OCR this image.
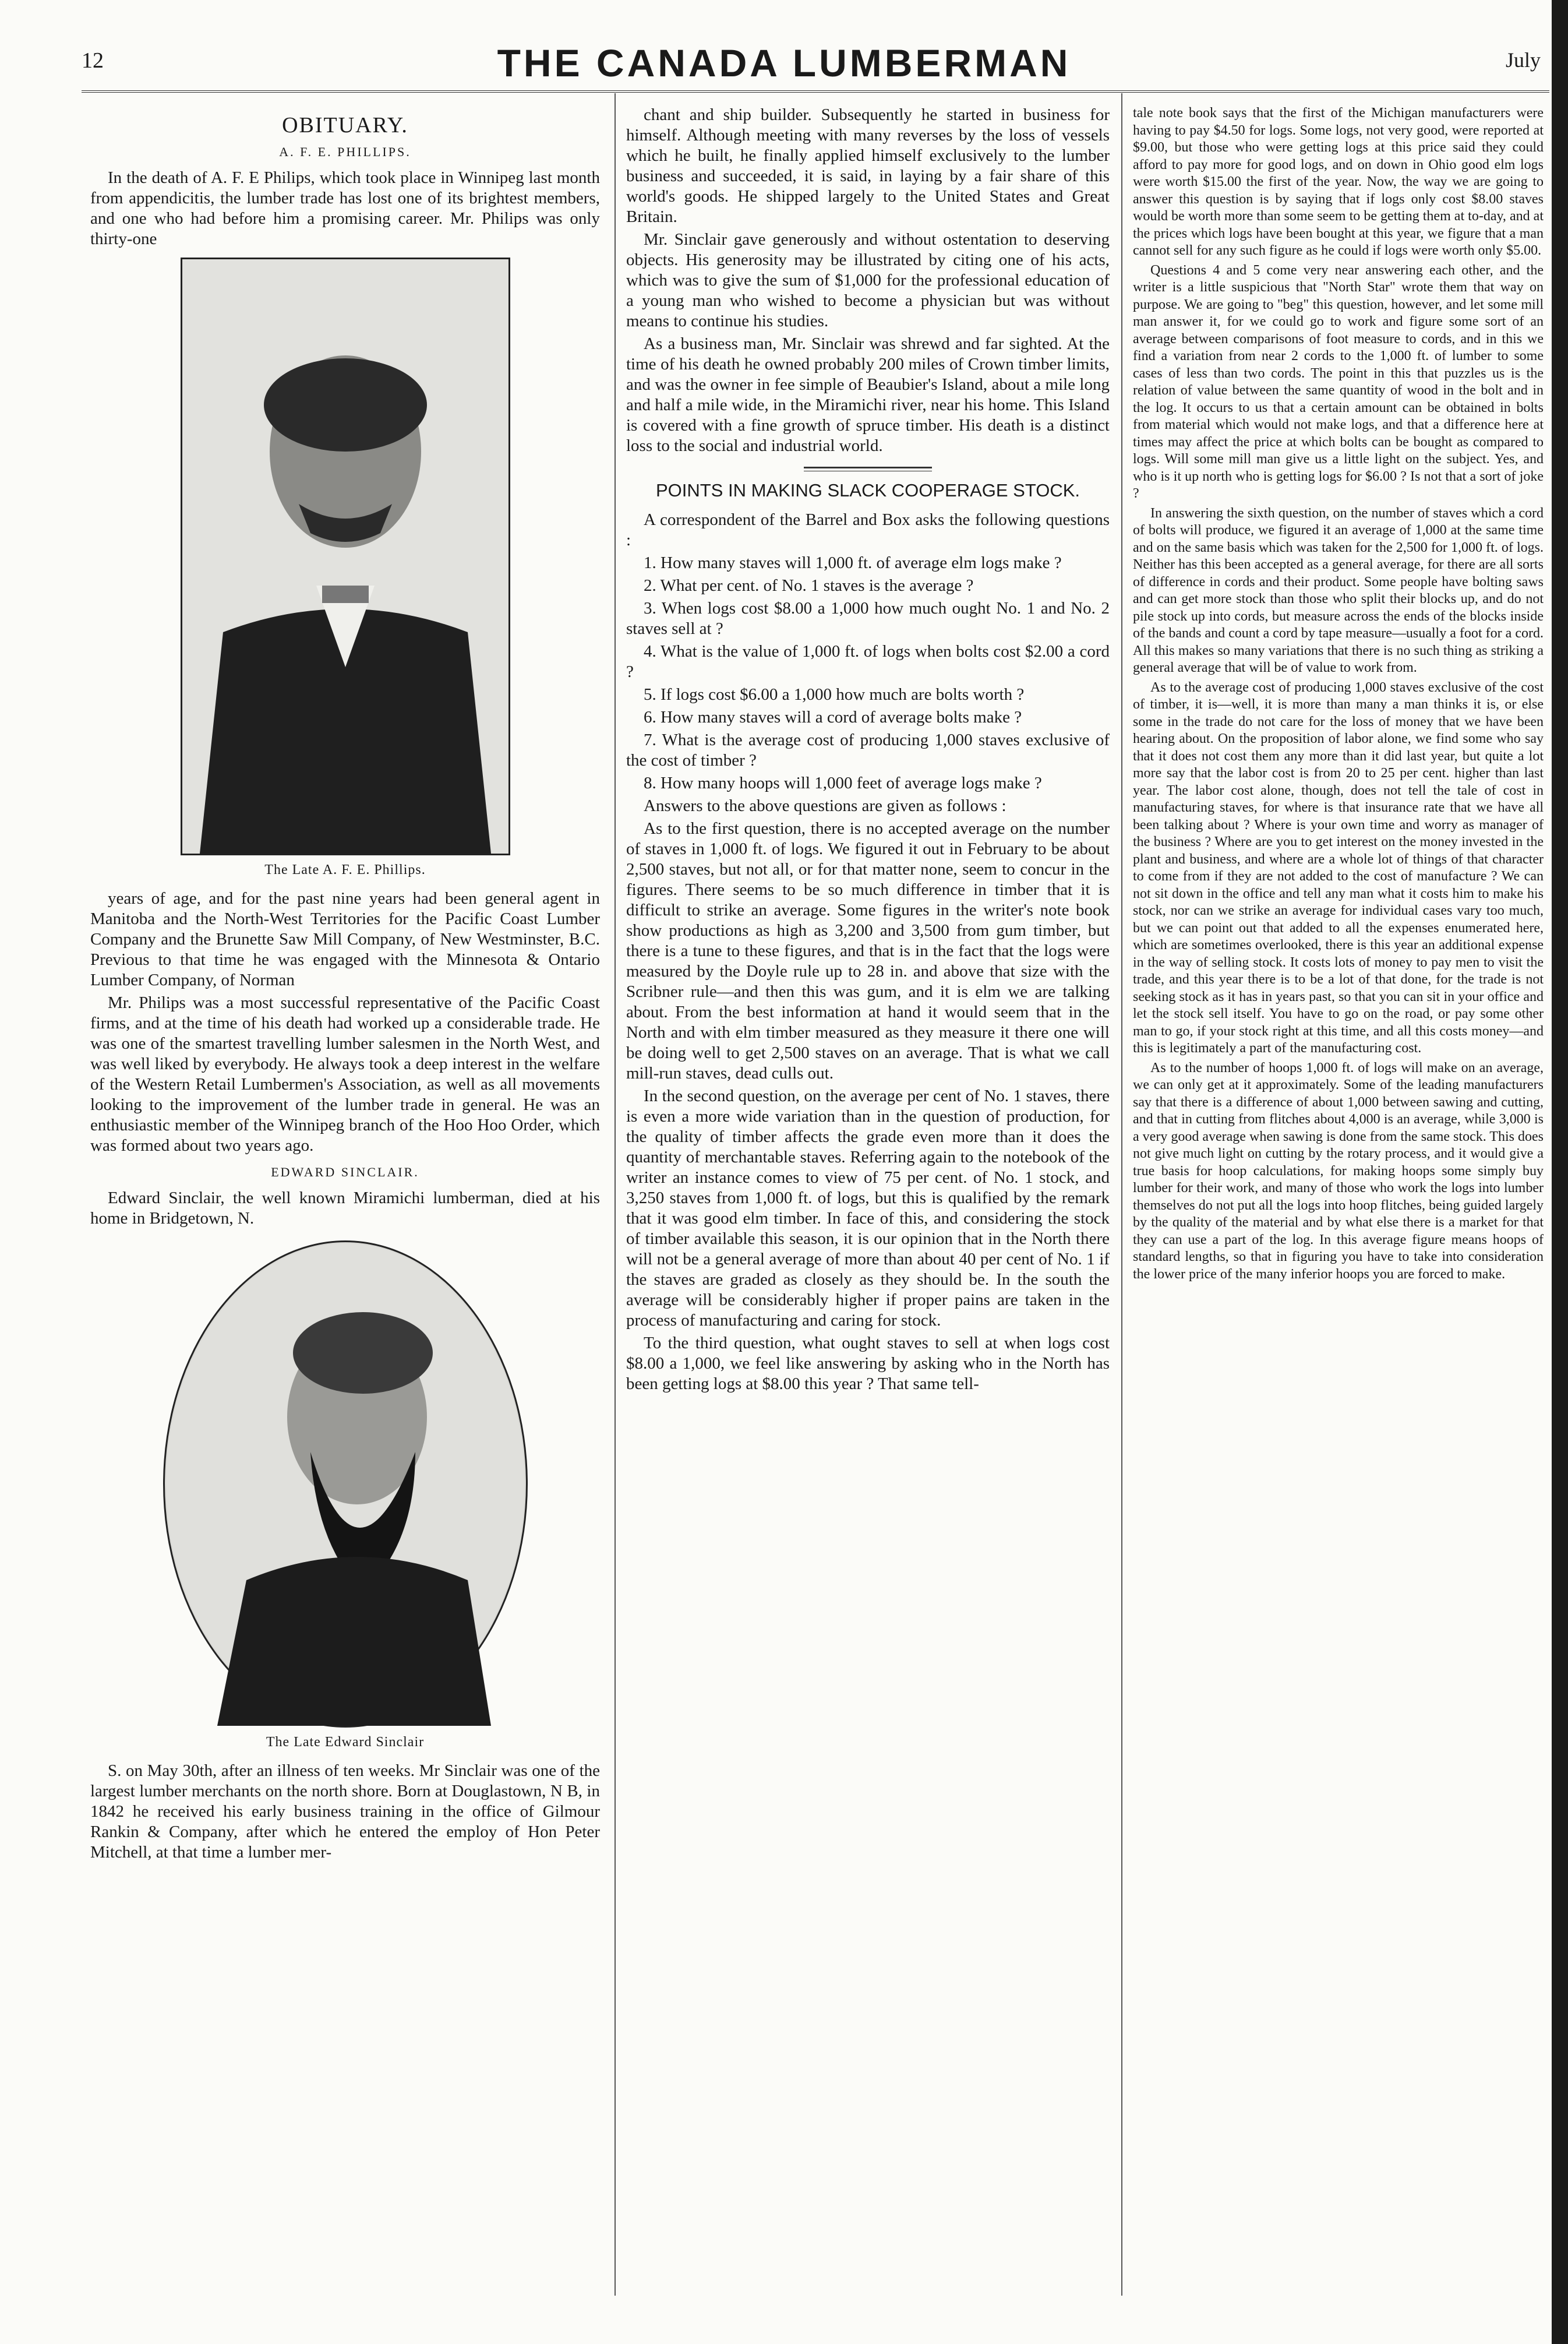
12	THE CANADA LUMBERMAN	July
OBITUARY.
A. F. E. PHILLIPS.

In the death of A. F. E Philips, which took place in Winnipeg last month from appendicitis, the lumber trade has lost one of its brightest members, and one who had before him a promising career. Mr. Philips was only thirty-one

The Late A. F. E. Phillips.

years of age, and for the past nine years had been general agent in Manitoba and the North-West Territories for the Pacific Coast Lumber Company and the Brunette Saw Mill Company, of New Westminster, B.C. Previous to that time he was engaged with the Minnesota & Ontario Lumber Company, of Norman

Mr. Philips was a most successful representative of the Pacific Coast firms, and at the time of his death had worked up a considerable trade. He was one of the smartest travelling lumber salesmen in the North West, and was well liked by everybody. He always took a deep interest in the welfare of the Western Retail Lumbermen's Association, as well as all movements looking to the improvement of the lumber trade in general. He was an enthusiastic member of the Winnipeg branch of the Hoo Hoo Order, which was formed about two years ago.

EDWARD SINCLAIR.

Edward Sinclair, the well known Miramichi lumberman, died at his home in Bridgetown, N.

The Late Edward Sinclair

S. on May 30th, after an illness of ten weeks. Mr Sinclair was one of the largest lumber merchants on the north shore. Born at Douglastown, N B, in 1842 he received his early business training in the office of Gilmour Rankin & Company, after which he entered the employ of Hon Peter Mitchell, at that time a lumber mer-

chant and ship builder. Subsequently he started in business for himself. Although meeting with many reverses by the loss of vessels which he built, he finally applied himself exclusively to the lumber business and succeeded, it is said, in laying by a fair share of this world's goods. He shipped largely to the United States and Great Britain.

Mr. Sinclair gave generously and without ostentation to deserving objects. His generosity may be illustrated by citing one of his acts, which was to give the sum of $1,000 for the professional education of a young man who wished to become a physician but was without means to continue his studies.

As a business man, Mr. Sinclair was shrewd and far sighted. At the time of his death he owned probably 200 miles of Crown timber limits, and was the owner in fee simple of Beaubier's Island, about a mile long and half a mile wide, in the Miramichi river, near his home. This Island is covered with a fine growth of spruce timber. His death is a distinct loss to the social and industrial world.

POINTS IN MAKING SLACK COOPERAGE STOCK.

A correspondent of the Barrel and Box asks the following questions :

1. How many staves will 1,000 ft. of average elm logs make ?

2. What per cent. of No. 1 staves is the average ?

3. When logs cost $8.00 a 1,000 how much ought No. 1 and No. 2 staves sell at ?

4. What is the value of 1,000 ft. of logs when bolts cost $2.00 a cord ?

5. If logs cost $6.00 a 1,000 how much are bolts worth ?

6. How many staves will a cord of average bolts make ?

7. What is the average cost of producing 1,000 staves exclusive of the cost of timber ?

8. How many hoops will 1,000 feet of average logs make ?

Answers to the above questions are given as follows :

As to the first question, there is no accepted average on the number of staves in 1,000 ft. of logs. We figured it out in February to be about 2,500 staves, but not all, or for that matter none, seem to concur in the figures. There seems to be so much difference in timber that it is difficult to strike an average. Some figures in the writer's note book show productions as high as 3,200 and 3,500 from gum timber, but there is a tune to these figures, and that is in the fact that the logs were measured by the Doyle rule up to 28 in. and above that size with the Scribner rule—and then this was gum, and it is elm we are talking about. From the best information at hand it would seem that in the North and with elm timber measured as they measure it there one will be doing well to get 2,500 staves on an average. That is what we call mill-run staves, dead culls out.

In the second question, on the average per cent of No. 1 staves, there is even a more wide variation than in the question of production, for the quality of timber affects the grade even more than it does the quantity of merchantable staves. Referring again to the notebook of the writer an instance comes to view of 75 per cent. of No. 1 stock, and 3,250 staves from 1,000 ft. of logs, but this is qualified by the remark that it was good elm timber. In face of this, and considering the stock of timber available this season, it is our opinion that in the North there will not be a general average of more than about 40 per cent of No. 1 if the staves are graded as closely as they should be. In the south the average will be considerably higher if proper pains are taken in the process of manufacturing and caring for stock.

To the third question, what ought staves to sell at when logs cost $8.00 a 1,000, we feel like answering by asking who in the North has been getting logs at $8.00 this year ? That same tell-

tale note book says that the first of the Michigan manufacturers were having to pay $4.50 for logs. Some logs, not very good, were reported at $9.00, but those who were getting logs at this price said they could afford to pay more for good logs, and on down in Ohio good elm logs were worth $15.00 the first of the year. Now, the way we are going to answer this question is by saying that if logs only cost $8.00 staves would be worth more than some seem to be getting them at to-day, and at the prices which logs have been bought at this year, we figure that a man cannot sell for any such figure as he could if logs were worth only $5.00.

Questions 4 and 5 come very near answering each other, and the writer is a little suspicious that "North Star" wrote them that way on purpose. We are going to "beg" this question, however, and let some mill man answer it, for we could go to work and figure some sort of an average between comparisons of foot measure to cords, and in this we find a variation from near 2 cords to the 1,000 ft. of lumber to some cases of less than two cords. The point in this that puzzles us is the relation of value between the same quantity of wood in the bolt and in the log. It occurs to us that a certain amount can be obtained in bolts from material which would not make logs, and that a difference here at times may affect the price at which bolts can be bought as compared to logs. Will some mill man give us a little light on the subject. Yes, and who is it up north who is getting logs for $6.00 ? Is not that a sort of joke ?

In answering the sixth question, on the number of staves which a cord of bolts will produce, we figured it an average of 1,000 at the same time and on the same basis which was taken for the 2,500 for 1,000 ft. of logs. Neither has this been accepted as a general average, for there are all sorts of difference in cords and their product. Some people have bolting saws and can get more stock than those who split their blocks up, and do not pile stock up into cords, but measure across the ends of the blocks inside of the bands and count a cord by tape measure—usually a foot for a cord. All this makes so many variations that there is no such thing as striking a general average that will be of value to work from.

As to the average cost of producing 1,000 staves exclusive of the cost of timber, it is—well, it is more than many a man thinks it is, or else some in the trade do not care for the loss of money that we have been hearing about. On the proposition of labor alone, we find some who say that it does not cost them any more than it did last year, but quite a lot more say that the labor cost is from 20 to 25 per cent. higher than last year. The labor cost alone, though, does not tell the tale of cost in manufacturing staves, for where is that insurance rate that we have all been talking about ? Where is your own time and worry as manager of the business ? Where are you to get interest on the money invested in the plant and business, and where are a whole lot of things of that character to come from if they are not added to the cost of manufacture ? We can not sit down in the office and tell any man what it costs him to make his stock, nor can we strike an average for individual cases vary too much, but we can point out that added to all the expenses enumerated here, which are sometimes overlooked, there is this year an additional expense in the way of selling stock. It costs lots of money to pay men to visit the trade, and this year there is to be a lot of that done, for the trade is not seeking stock as it has in years past, so that you can sit in your office and let the stock sell itself. You have to go on the road, or pay some other man to go, if your stock right at this time, and all this costs money—and this is legitimately a part of the manufacturing cost.

As to the number of hoops 1,000 ft. of logs will make on an average, we can only get at it approximately. Some of the leading manufacturers say that there is a difference of about 1,000 between sawing and cutting, and that in cutting from flitches about 4,000 is an average, while 3,000 is a very good average when sawing is done from the same stock. This does not give much light on cutting by the rotary process, and it would give a true basis for hoop calculations, for making hoops some simply buy lumber for their work, and many of those who work the logs into lumber themselves do not put all the logs into hoop flitches, being guided largely by the quality of the material and by what else there is a market for that they can use a part of the log. In this average figure means hoops of standard lengths, so that in figuring you have to take into consideration the lower price of the many inferior hoops you are forced to make.
